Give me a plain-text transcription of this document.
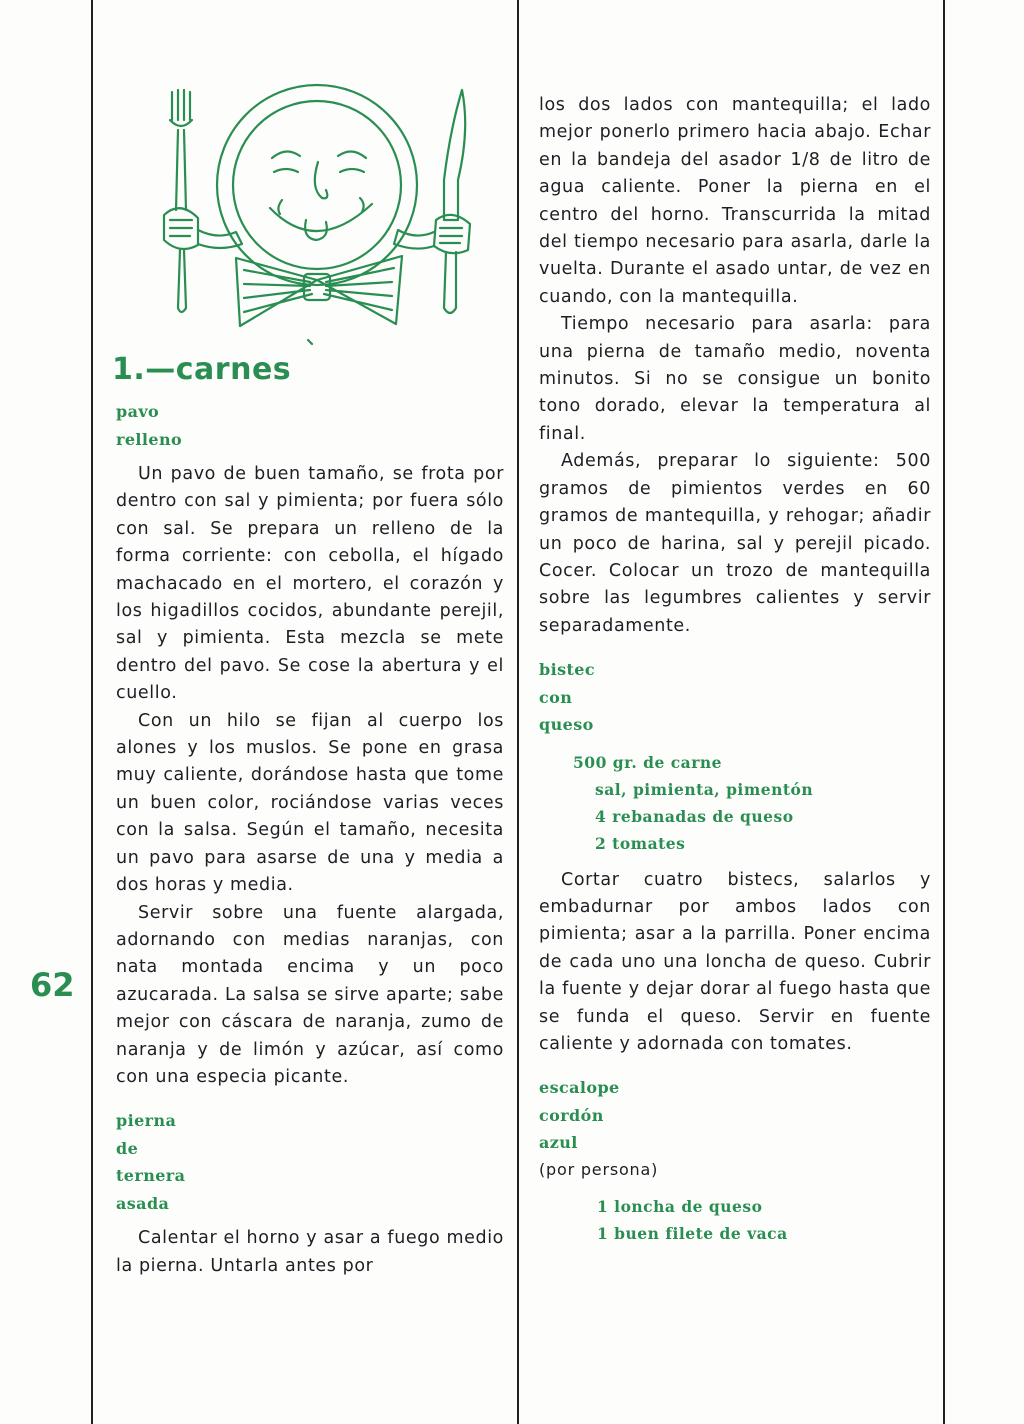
1.—carnes
62
pavo
relleno

Un pavo de buen tamaño, se frota por dentro con sal y pimienta; por fuera sólo con sal. Se prepara un relleno de la forma corriente: con cebolla, el hígado machacado en el mortero, el corazón y los higadillos cocidos, abundante perejil, sal y pimienta. Esta mezcla se mete dentro del pavo. Se cose la abertura y el cuello.

Con un hilo se fijan al cuerpo los alones y los muslos. Se pone en grasa muy caliente, dorándose hasta que tome un buen color, rociándose varias veces con la salsa. Según el tamaño, necesita un pavo para asarse de una y media a dos horas y media.

Servir sobre una fuente alargada, adornando con medias naranjas, con nata montada encima y un poco azucarada. La salsa se sirve aparte; sabe mejor con cáscara de naranja, zumo de naranja y de limón y azúcar, así como con una especia picante.

pierna
de
ternera
asada

Calentar el horno y asar a fuego medio la pierna. Untarla antes por

los dos lados con mantequilla; el lado mejor ponerlo primero hacia abajo. Echar en la bandeja del asador 1/8 de litro de agua caliente. Poner la pierna en el centro del horno. Transcurrida la mitad del tiempo necesario para asarla, darle la vuelta. Durante el asado untar, de vez en cuando, con la mantequilla.

Tiempo necesario para asarla: para una pierna de tamaño medio, noventa minutos. Si no se consigue un bonito tono dorado, elevar la temperatura al final.

Además, preparar lo siguiente: 500 gramos de pimientos verdes en 60 gramos de mantequilla, y rehogar; añadir un poco de harina, sal y perejil picado. Cocer. Colocar un trozo de mantequilla sobre las legumbres calientes y servir separadamente.

bistec
con
queso
500 gr. de carne
sal, pimienta, pimentón
4 rebanadas de queso
2 tomates

Cortar cuatro bistecs, salarlos y embadurnar por ambos lados con pimienta; asar a la parrilla. Poner encima de cada uno una loncha de queso. Cubrir la fuente y dejar dorar al fuego hasta que se funda el queso. Servir en fuente caliente y adornada con tomates.

escalope
cordón
azul
(por persona)
1 loncha de queso
1 buen filete de vaca
